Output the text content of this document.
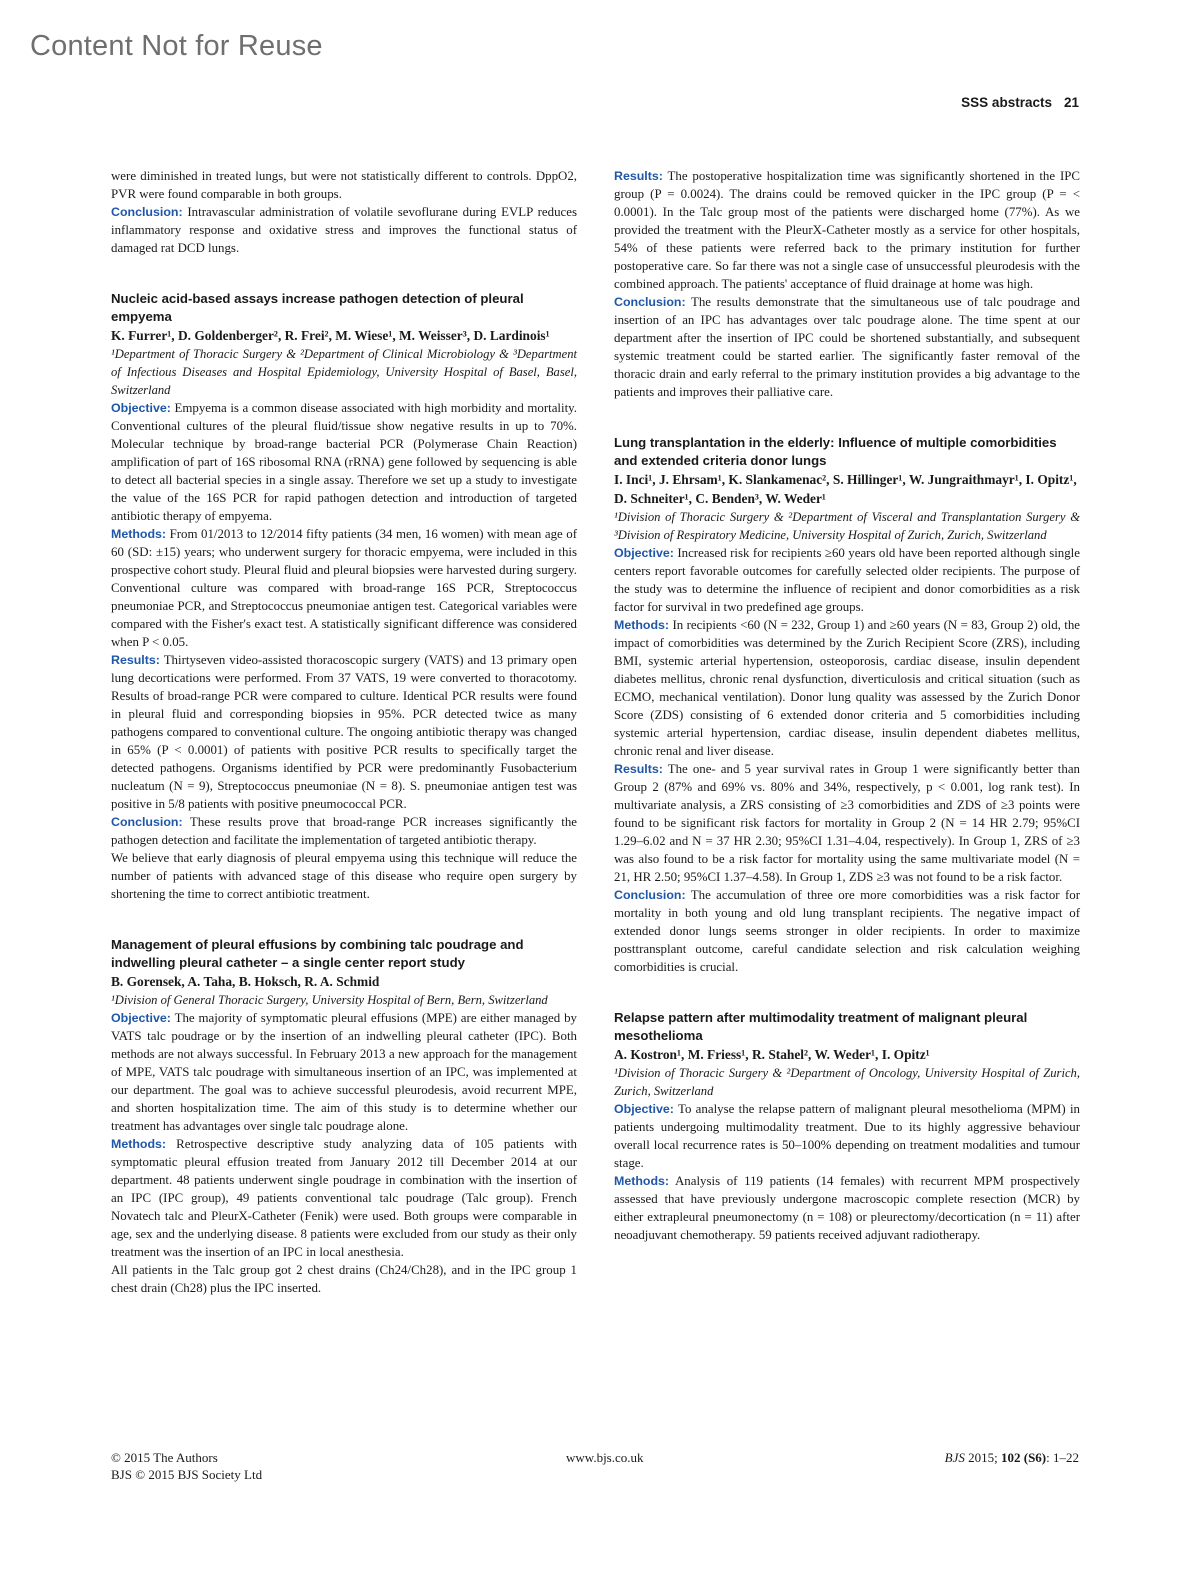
Content Not for Reuse
SSS abstracts 21

were diminished in treated lungs, but were not statistically different to controls. DppO2, PVR were found comparable in both groups.

Conclusion: Intravascular administration of volatile sevoflurane during EVLP reduces inflammatory response and oxidative stress and improves the functional status of damaged rat DCD lungs.

Nucleic acid-based assays increase pathogen detection of pleural empyema

K. Furrer¹, D. Goldenberger², R. Frei², M. Wiese¹, M. Weisser³, D. Lardinois¹

¹Department of Thoracic Surgery & ²Department of Clinical Microbiology & ³Department of Infectious Diseases and Hospital Epidemiology, University Hospital of Basel, Basel, Switzerland

Objective: Empyema is a common disease associated with high morbidity and mortality. Conventional cultures of the pleural fluid/tissue show negative results in up to 70%. Molecular technique by broad-range bacterial PCR (Polymerase Chain Reaction) amplification of part of 16S ribosomal RNA (rRNA) gene followed by sequencing is able to detect all bacterial species in a single assay. Therefore we set up a study to investigate the value of the 16S PCR for rapid pathogen detection and introduction of targeted antibiotic therapy of empyema.

Methods: From 01/2013 to 12/2014 fifty patients (34 men, 16 women) with mean age of 60 (SD: ±15) years; who underwent surgery for thoracic empyema, were included in this prospective cohort study. Pleural fluid and pleural biopsies were harvested during surgery. Conventional culture was compared with broad-range 16S PCR, Streptococcus pneumoniae PCR, and Streptococcus pneumoniae antigen test. Categorical variables were compared with the Fisher's exact test. A statistically significant difference was considered when P < 0.05.

Results: Thirtyseven video-assisted thoracoscopic surgery (VATS) and 13 primary open lung decortications were performed. From 37 VATS, 19 were converted to thoracotomy. Results of broad-range PCR were compared to culture. Identical PCR results were found in pleural fluid and corresponding biopsies in 95%. PCR detected twice as many pathogens compared to conventional culture. The ongoing antibiotic therapy was changed in 65% (P < 0.0001) of patients with positive PCR results to specifically target the detected pathogens. Organisms identified by PCR were predominantly Fusobacterium nucleatum (N = 9), Streptococcus pneumoniae (N = 8). S. pneumoniae antigen test was positive in 5/8 patients with positive pneumococcal PCR.

Conclusion: These results prove that broad-range PCR increases significantly the pathogen detection and facilitate the implementation of targeted antibiotic therapy.

We believe that early diagnosis of pleural empyema using this technique will reduce the number of patients with advanced stage of this disease who require open surgery by shortening the time to correct antibiotic treatment.

Management of pleural effusions by combining talc poudrage and indwelling pleural catheter – a single center report study

B. Gorensek, A. Taha, B. Hoksch, R. A. Schmid

¹Division of General Thoracic Surgery, University Hospital of Bern, Bern, Switzerland

Objective: The majority of symptomatic pleural effusions (MPE) are either managed by VATS talc poudrage or by the insertion of an indwelling pleural catheter (IPC). Both methods are not always successful. In February 2013 a new approach for the management of MPE, VATS talc poudrage with simultaneous insertion of an IPC, was implemented at our department. The goal was to achieve successful pleurodesis, avoid recurrent MPE, and shorten hospitalization time. The aim of this study is to determine whether our treatment has advantages over single talc poudrage alone.

Methods: Retrospective descriptive study analyzing data of 105 patients with symptomatic pleural effusion treated from January 2012 till December 2014 at our department. 48 patients underwent single poudrage in combination with the insertion of an IPC (IPC group), 49 patients conventional talc poudrage (Talc group). French Novatech talc and PleurX-Catheter (Fenik) were used. Both groups were comparable in age, sex and the underlying disease. 8 patients were excluded from our study as their only treatment was the insertion of an IPC in local anesthesia.

All patients in the Talc group got 2 chest drains (Ch24/Ch28), and in the IPC group 1 chest drain (Ch28) plus the IPC inserted.

Results: The postoperative hospitalization time was significantly shortened in the IPC group (P = 0.0024). The drains could be removed quicker in the IPC group (P = < 0.0001). In the Talc group most of the patients were discharged home (77%). As we provided the treatment with the PleurX-Catheter mostly as a service for other hospitals, 54% of these patients were referred back to the primary institution for further postoperative care. So far there was not a single case of unsuccessful pleurodesis with the combined approach. The patients' acceptance of fluid drainage at home was high.

Conclusion: The results demonstrate that the simultaneous use of talc poudrage and insertion of an IPC has advantages over talc poudrage alone. The time spent at our department after the insertion of IPC could be shortened substantially, and subsequent systemic treatment could be started earlier. The significantly faster removal of the thoracic drain and early referral to the primary institution provides a big advantage to the patients and improves their palliative care.

Lung transplantation in the elderly: Influence of multiple comorbidities and extended criteria donor lungs

I. Inci¹, J. Ehrsam¹, K. Slankamenac², S. Hillinger¹, W. Jungraithmayr¹, I. Opitz¹, D. Schneiter¹, C. Benden³, W. Weder¹

¹Division of Thoracic Surgery & ²Department of Visceral and Transplantation Surgery & ³Division of Respiratory Medicine, University Hospital of Zurich, Zurich, Switzerland

Objective: Increased risk for recipients ≥60 years old have been reported although single centers report favorable outcomes for carefully selected older recipients. The purpose of the study was to determine the influence of recipient and donor comorbidities as a risk factor for survival in two predefined age groups.

Methods: In recipients <60 (N = 232, Group 1) and ≥60 years (N = 83, Group 2) old, the impact of comorbidities was determined by the Zurich Recipient Score (ZRS), including BMI, systemic arterial hypertension, osteoporosis, cardiac disease, insulin dependent diabetes mellitus, chronic renal dysfunction, diverticulosis and critical situation (such as ECMO, mechanical ventilation). Donor lung quality was assessed by the Zurich Donor Score (ZDS) consisting of 6 extended donor criteria and 5 comorbidities including systemic arterial hypertension, cardiac disease, insulin dependent diabetes mellitus, chronic renal and liver disease.

Results: The one- and 5 year survival rates in Group 1 were significantly better than Group 2 (87% and 69% vs. 80% and 34%, respectively, p < 0.001, log rank test). In multivariate analysis, a ZRS consisting of ≥3 comorbidities and ZDS of ≥3 points were found to be significant risk factors for mortality in Group 2 (N = 14 HR 2.79; 95%CI 1.29–6.02 and N = 37 HR 2.30; 95%CI 1.31–4.04, respectively). In Group 1, ZRS of ≥3 was also found to be a risk factor for mortality using the same multivariate model (N = 21, HR 2.50; 95%CI 1.37–4.58). In Group 1, ZDS ≥3 was not found to be a risk factor.

Conclusion: The accumulation of three ore more comorbidities was a risk factor for mortality in both young and old lung transplant recipients. The negative impact of extended donor lungs seems stronger in older recipients. In order to maximize posttransplant outcome, careful candidate selection and risk calculation weighing comorbidities is crucial.

Relapse pattern after multimodality treatment of malignant pleural mesothelioma

A. Kostron¹, M. Friess¹, R. Stahel², W. Weder¹, I. Opitz¹

¹Division of Thoracic Surgery & ²Department of Oncology, University Hospital of Zurich, Zurich, Switzerland

Objective: To analyse the relapse pattern of malignant pleural mesothelioma (MPM) in patients undergoing multimodality treatment. Due to its highly aggressive behaviour overall local recurrence rates is 50–100% depending on treatment modalities and tumour stage.

Methods: Analysis of 119 patients (14 females) with recurrent MPM prospectively assessed that have previously undergone macroscopic complete resection (MCR) by either extrapleural pneumonectomy (n = 108) or pleurectomy/decortication (n = 11) after neoadjuvant chemotherapy. 59 patients received adjuvant radiotherapy.

© 2015 The Authors
BJS © 2015 BJS Society Ltd
www.bjs.co.uk	BJS 2015; 102 (S6): 1–22
